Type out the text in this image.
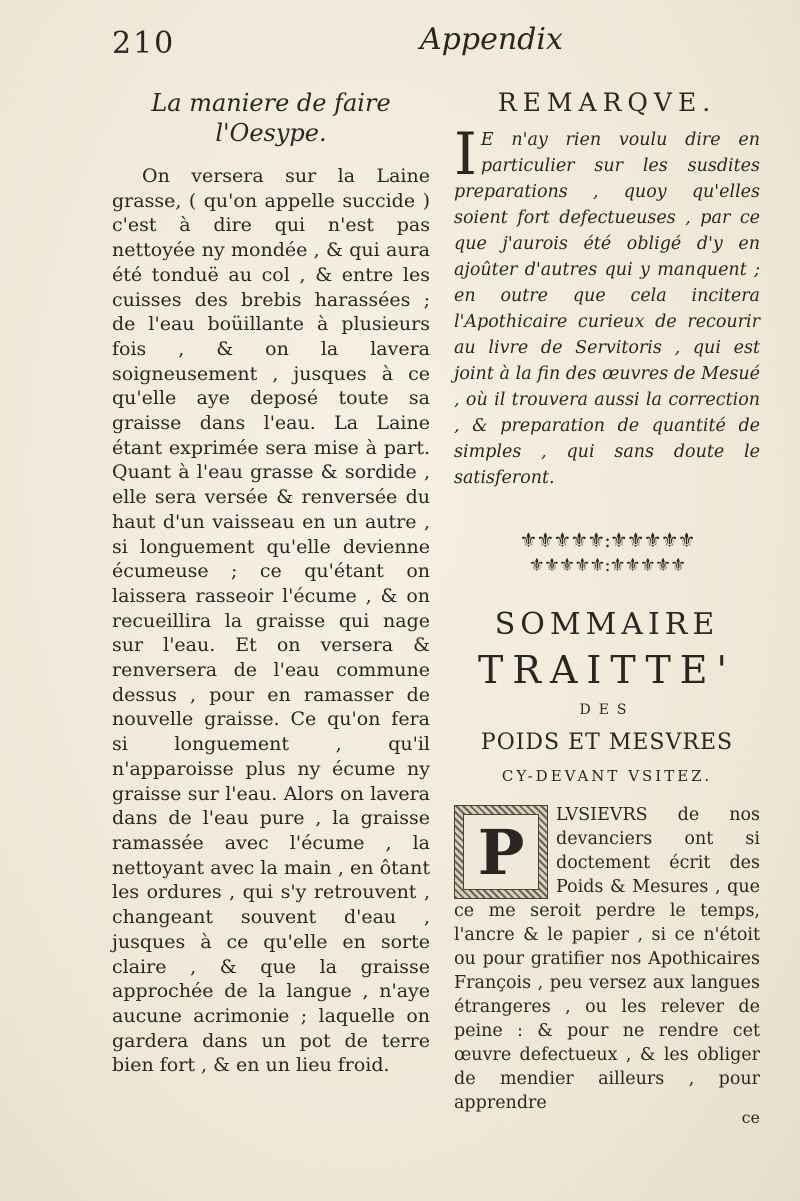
210	Appendix
La maniere de faire
l'Oesype.

On versera sur la Laine grasse, ( qu'on appelle succide ) c'est à dire qui n'est pas nettoyée ny mondée , & qui aura été tonduë au col , & entre les cuisses des brebis harassées ; de l'eau boüillante à plusieurs fois , & on la lavera soigneusement , jusques à ce qu'elle aye deposé toute sa graisse dans l'eau. La Laine étant exprimée sera mise à part. Quant à l'eau grasse & sordide , elle sera versée & renversée du haut d'un vaisseau en un autre , si longuement qu'elle devienne écumeuse ; ce qu'étant on laissera rasseoir l'écume , & on recueillira la graisse qui nage sur l'eau. Et on versera & renversera de l'eau commune dessus , pour en ramasser de nouvelle graisse. Ce qu'on fera si longuement , qu'il n'apparoisse plus ny écume ny graisse sur l'eau. Alors on lavera dans de l'eau pure , la graisse ramassée avec l'écume , la nettoyant avec la main , en ôtant les ordures , qui s'y retrouvent , changeant souvent d'eau , jusques à ce qu'elle en sorte claire , & que la graisse approchée de la langue , n'aye aucune acrimonie ; laquelle on gardera dans un pot de terre bien fort , & en un lieu froid.

REMARQVE.

I E n'ay rien voulu dire en particulier sur les susdites preparations , quoy qu'elles soient fort defectueuses , par ce que j'aurois été obligé d'y en ajoûter d'autres qui y manquent ; en outre que cela incitera l'Apothicaire curieux de recourir au livre de Servitoris , qui est joint à la fin des œuvres de Mesué , où il trouvera aussi la correction , & preparation de quantité de simples , qui sans doute le satisferont.

⚜⚜⚜⚜⚜:⚜⚜⚜⚜⚜
⚜⚜⚜⚜⚜:⚜⚜⚜⚜⚜
SOMMAIRE
TRAITTE'
DES
POIDS ET MESVRES
CY-DEVANT VSITEZ.
P

LVSIEVRS de nos devanciers ont si doctement écrit des Poids & Mesures , que ce me seroit perdre le temps, l'ancre & le papier , si ce n'étoit ou pour gratifier nos Apothicaires François , peu versez aux langues étrangeres , ou les relever de peine : & pour ne rendre cet œuvre defectueux , & les obliger de mendier ailleurs , pour apprendre

ce
